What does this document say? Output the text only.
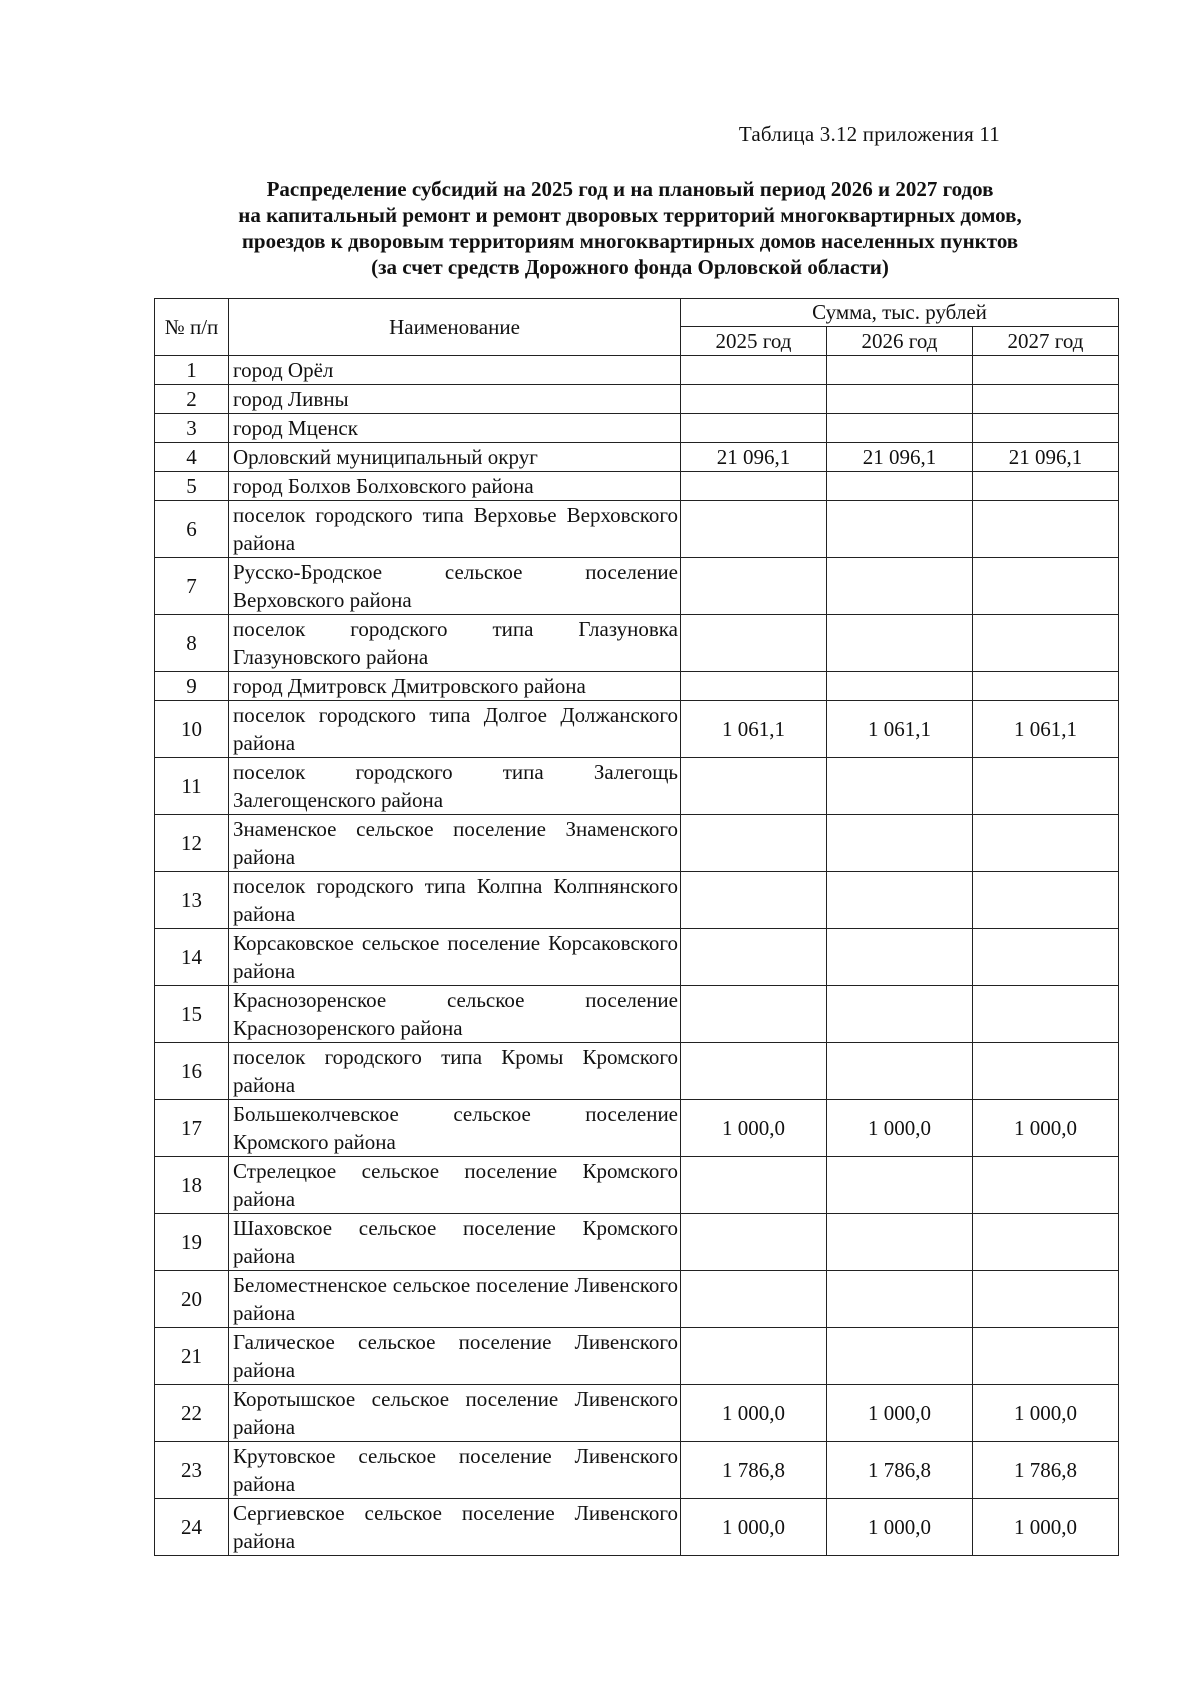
Таблица 3.12 приложения 11
Распределение субсидий на 2025 год и на плановый период 2026 и 2027 годов
на капитальный ремонт и ремонт дворовых территорий многоквартирных домов,
проездов к дворовым территориям многоквартирных домов населенных пунктов
(за счет средств Дорожного фонда Орловской области)
№ п/п	Наименование	Сумма, тыс. рублей		
		2025 год	2026 год	2027 год
1	город Орёл			
2	город Ливны			
3	город Мценск			
4	Орловский муниципальный округ	21 096,1	21 096,1	21 096,1
5	город Болхов Болховского района			
6	поселок городского типа Верховье Верховского района			
7	Русско-Бродское сельское поселение Верховского района			
8	поселок городского типа Глазуновка Глазуновского района			
9	город Дмитровск Дмитровского района			
10	поселок городского типа Долгое Должанского района	1 061,1	1 061,1	1 061,1
11	поселок городского типа Залегощь Залегощенского района			
12	Знаменское сельское поселение Знаменского района			
13	поселок городского типа Колпна Колпнянского района			
14	Корсаковское сельское поселение Корсаковского района			
15	Краснозоренское сельское поселение Краснозоренского района			
16	поселок городского типа Кромы Кромского района			
17	Большеколчевское сельское поселение Кромского района	1 000,0	1 000,0	1 000,0
18	Стрелецкое сельское поселение Кромского района			
19	Шаховское сельское поселение Кромского района			
20	Беломестненское сельское поселение Ливенского района			
21	Галическое сельское поселение Ливенского района			
22	Коротышское сельское поселение Ливенского района	1 000,0	1 000,0	1 000,0
23	Крутовское сельское поселение Ливенского района	1 786,8	1 786,8	1 786,8
24	Сергиевское сельское поселение Ливенского района	1 000,0	1 000,0	1 000,0
